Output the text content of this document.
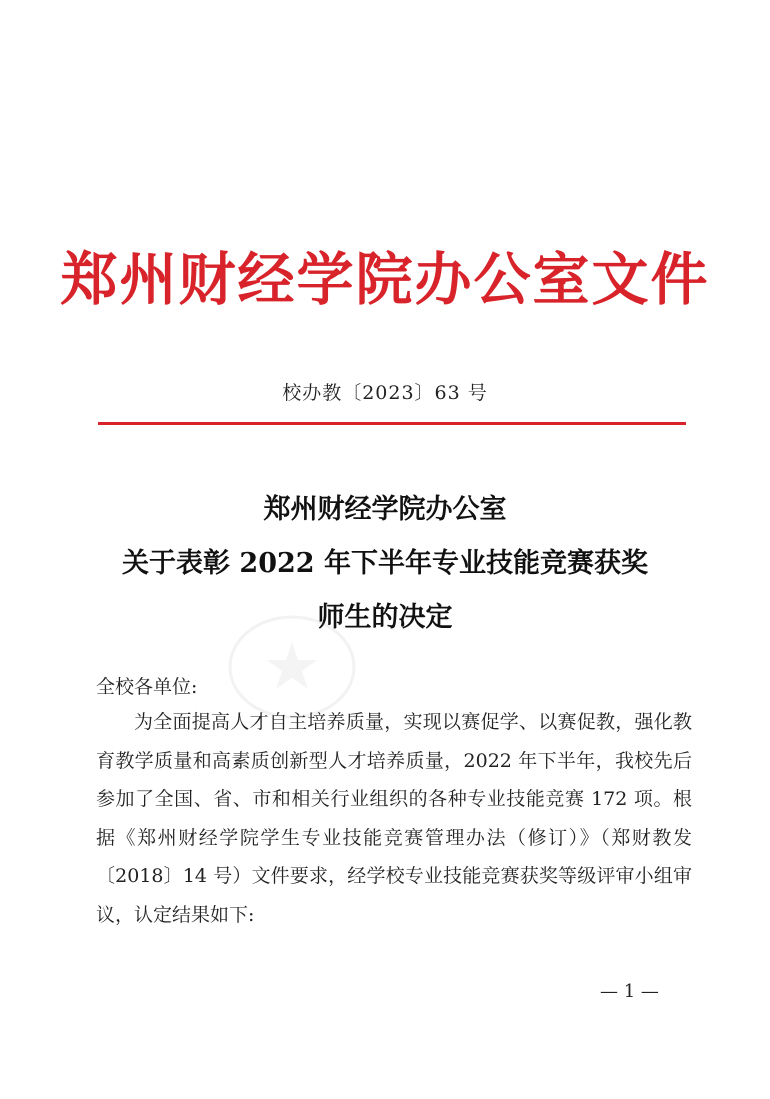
郑州财经学院办公室文件
校办教〔2023〕63 号
郑州财经学院办公室
关于表彰 2022 年下半年专业技能竞赛获奖
师生的决定
全校各单位:
为全面提高人才自主培养质量，实现以赛促学、以赛促教，强化教育教学质量和高素质创新型人才培养质量，2022 年下半年，我校先后参加了全国、省、市和相关行业组织的各种专业技能竞赛 172 项。根据《郑州财经学院学生专业技能竞赛管理办法（修订）》（郑财教发〔2018〕14 号）文件要求，经学校专业技能竞赛获奖等级评审小组审议，认定结果如下:
— 1 —
